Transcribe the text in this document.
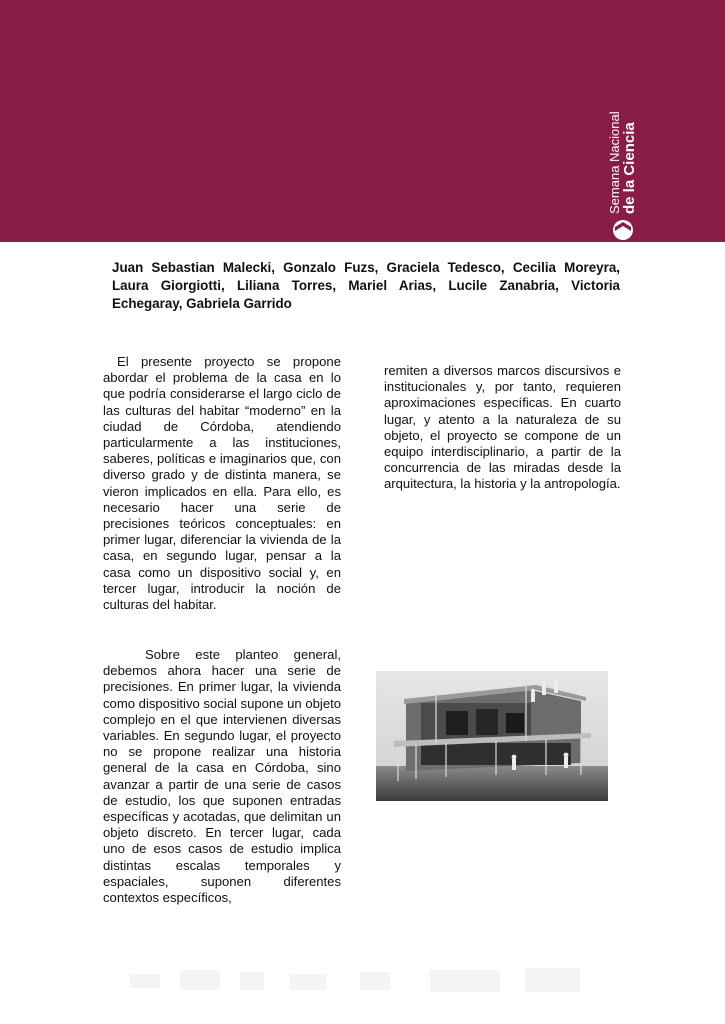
Semana Nacional de la Ciencia
Juan Sebastian Malecki, Gonzalo Fuzs, Graciela Tedesco, Cecilia Moreyra, Laura Giorgiotti, Liliana Torres, Mariel Arias, Lucile Zanabria, Victoria Echegaray, Gabriela Garrido

El presente proyecto se propone abordar el problema de la casa en lo que podría considerarse el largo ciclo de las culturas del habitar “moderno” en la ciudad de Córdoba, atendiendo particularmente a las instituciones, saberes, políticas e imaginarios que, con diverso grado y de distinta manera, se vieron implicados en ella. Para ello, es necesario hacer una serie de precisiones teóricos conceptuales: en primer lugar, diferenciar la vivienda de la casa, en segundo lugar, pensar a la casa como un dispositivo social y, en tercer lugar, introducir la noción de culturas del habitar.

Sobre este planteo general, debemos ahora hacer una serie de precisiones. En primer lugar, la vivienda como dispositivo social supone un objeto complejo en el que intervienen diversas variables. En segundo lugar, el proyecto no se propone realizar una historia general de la casa en Córdoba, sino avanzar a partir de una serie de casos de estudio, los que suponen entradas específicas y acotadas, que delimitan un objeto discreto. En tercer lugar, cada uno de esos casos de estudio implica distintas escalas temporales y espaciales, suponen diferentes contextos específicos,

remiten a diversos marcos discursivos e institucionales y, por tanto, requieren aproximaciones específicas. En cuarto lugar, y atento a la naturaleza de su objeto, el proyecto se compone de un equipo interdisciplinario, a partir de la concurrencia de las miradas desde la arquitectura, la historia y la antropología.
